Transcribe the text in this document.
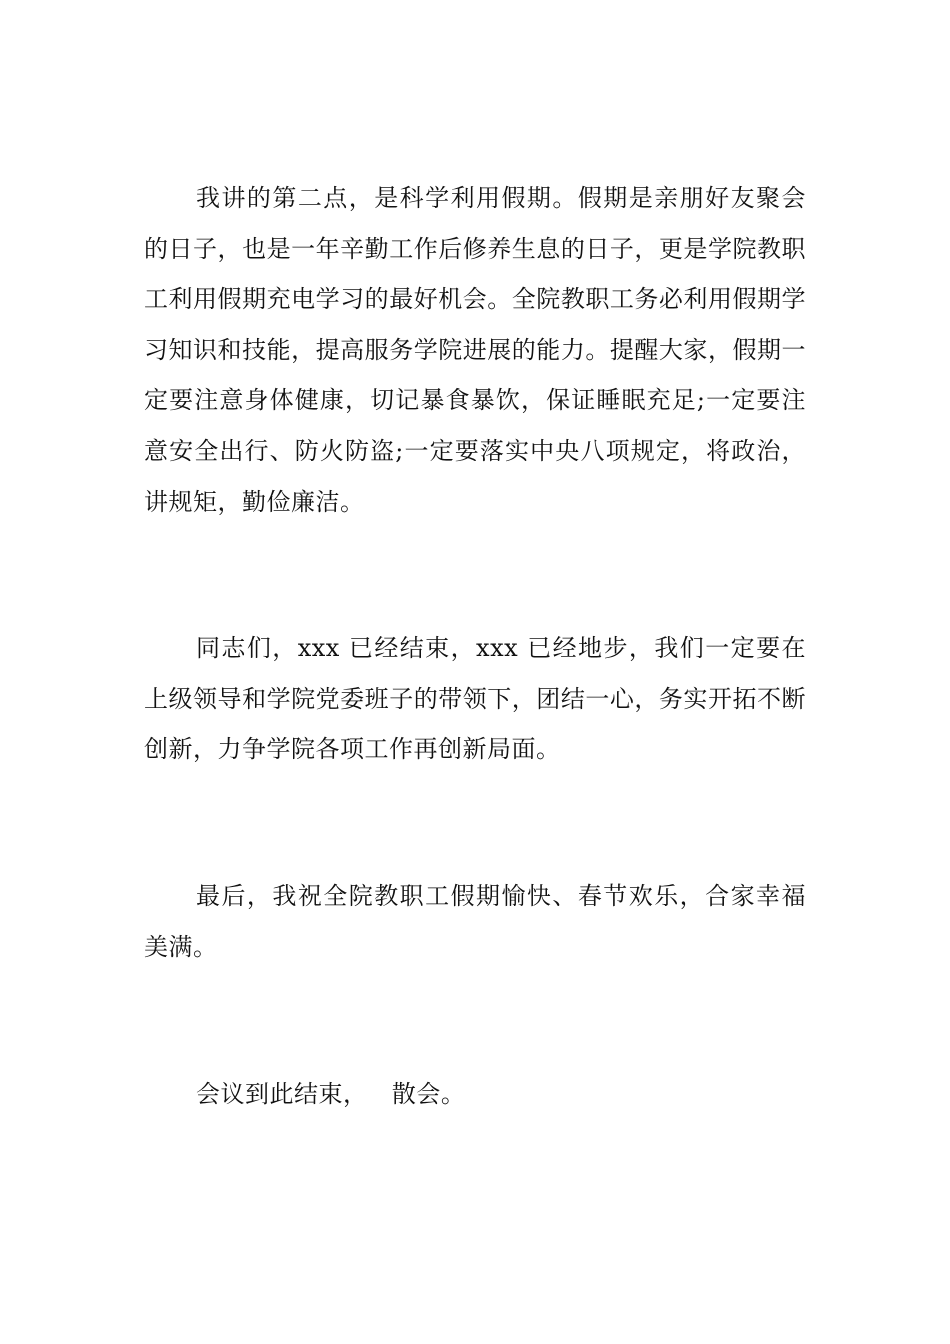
我讲的第二点，是科学利用假期。假期是亲朋好友聚会的日子，也是一年辛勤工作后修养生息的日子，更是学院教职工利用假期充电学习的最好机会。全院教职工务必利用假期学习知识和技能，提高服务学院进展的能力。提醒大家，假期一定要注意身体健康，切记暴食暴饮，保证睡眠充足;一定要注意安全出行、防火防盗;一定要落实中央八项规定，将政治，讲规矩，勤俭廉洁。

同志们，xxx 已经结束，xxx 已经地步，我们一定要在上级领导和学院党委班子的带领下，团结一心，务实开拓不断创新，力争学院各项工作再创新局面。

最后，我祝全院教职工假期愉快、春节欢乐，合家幸福美满。

会议到此结束，   散会。
